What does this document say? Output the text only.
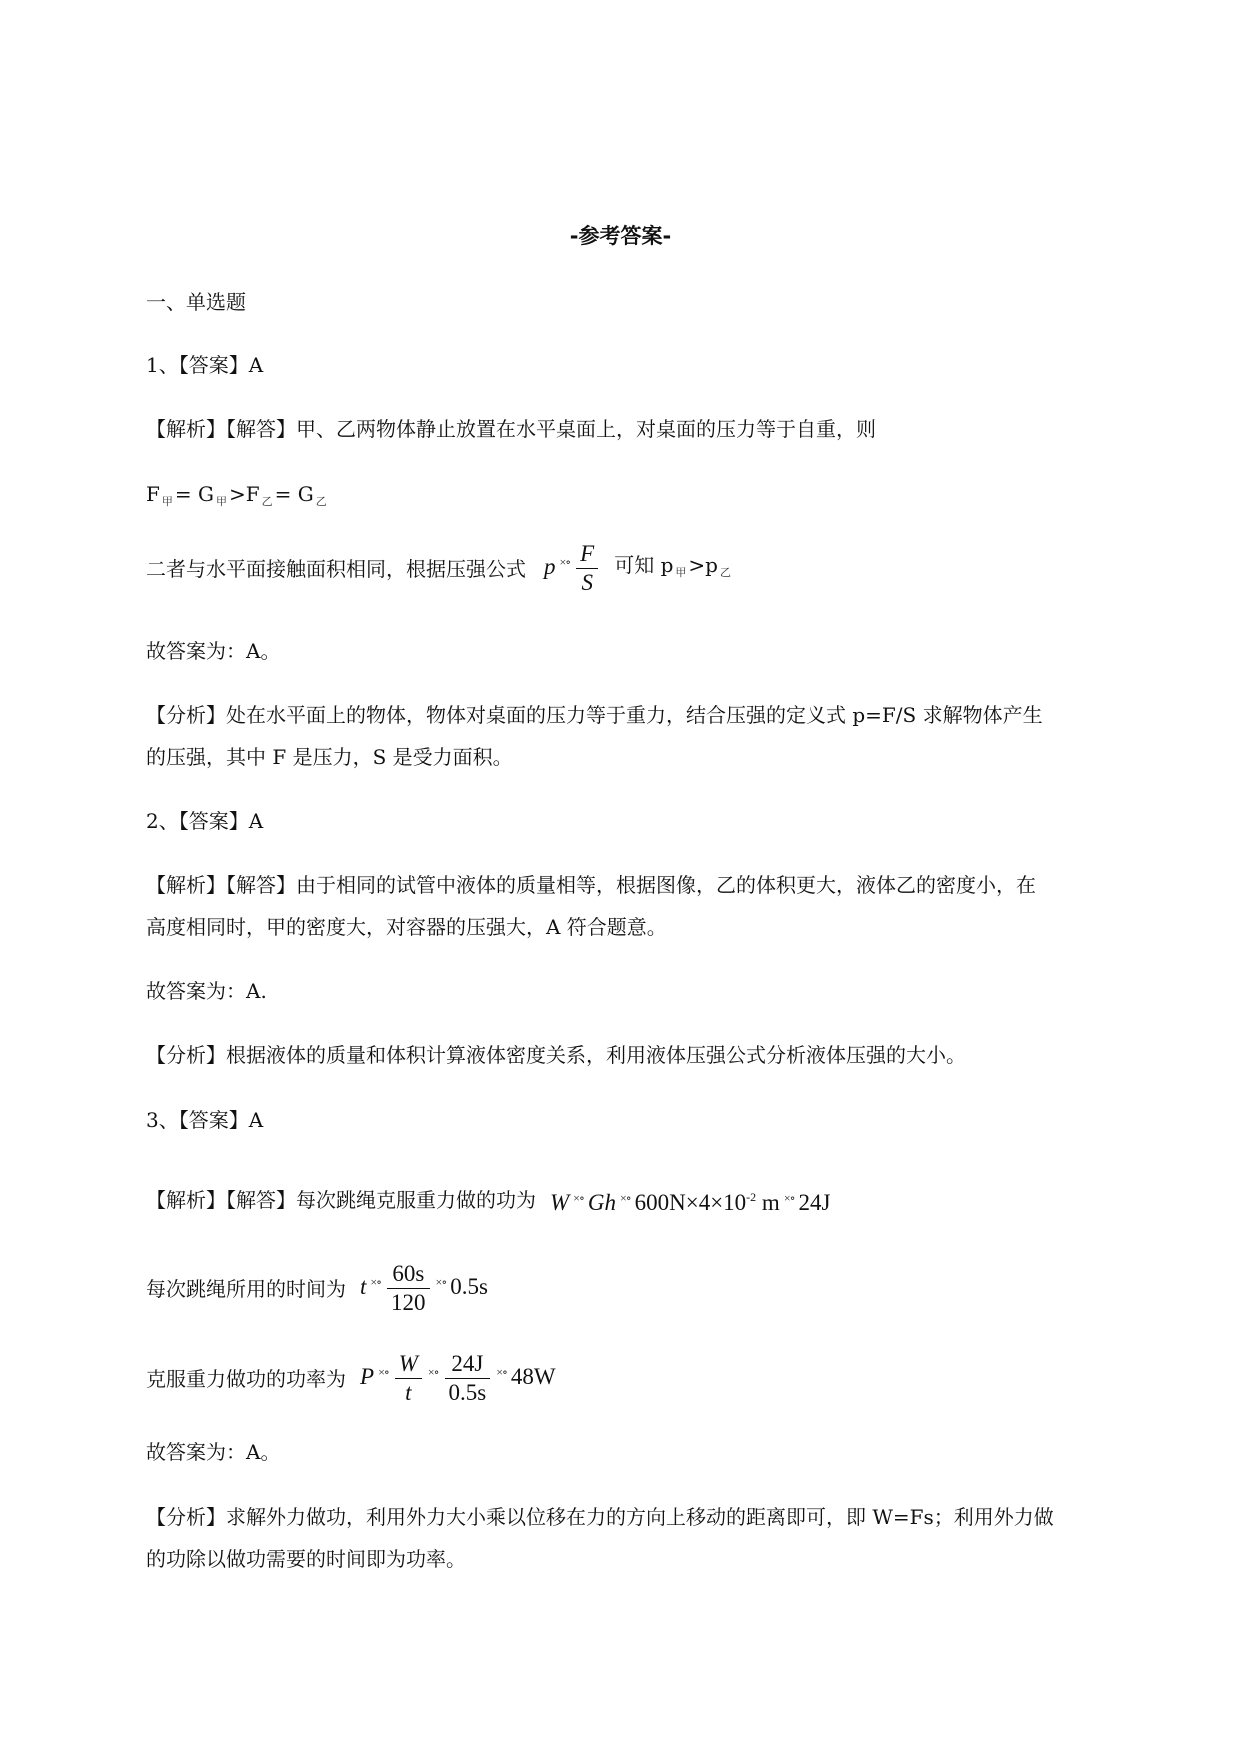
-参考答案-
一、单选题
1、【答案】A
【解析】【解答】甲、乙两物体静止放置在水平桌面上，对桌面的压力等于自重，则
F $_甲$ = G $_甲$ >F $_乙$ = G $_乙$
二者与水平面接触面积相同，根据压强公式 p $^{\times\circ} \frac{F}{S}$ 可知 p $_甲$ >p $_乙$
故答案为：A。
【分析】处在水平面上的物体，物体对桌面的压力等于重力，结合压强的定义式 p=F/S 求解物体产生
的压强，其中 F 是压力，S 是受力面积。
2、【答案】A
【解析】【解答】由于相同的试管中液体的质量相等，根据图像，乙的体积更大，液体乙的密度小，在
高度相同时，甲的密度大，对容器的压强大，A 符合题意。
故答案为：A.
【分析】根据液体的质量和体积计算液体密度关系，利用液体压强公式分析液体压强的大小。
3、【答案】A
【解析】【解答】每次跳绳克服重力做的功为 W ×∘ Gh ×∘ $600N\times 4\times 10^{-2}$ m ×∘ 24J
每次跳绳所用的时间为 t $^{\times\circ} \frac{60s}{120} ^{\times\circ}$ 0.5s
克服重力做功的功率为 P $^{\times\circ} \frac{W}{t} ^{\times\circ} \frac{24J}{0.5s} ^{\times\circ}$ 48W
故答案为：A。
【分析】求解外力做功，利用外力大小乘以位移在力的方向上移动的距离即可，即 W=Fs；利用外力做
的功除以做功需要的时间即为功率。
